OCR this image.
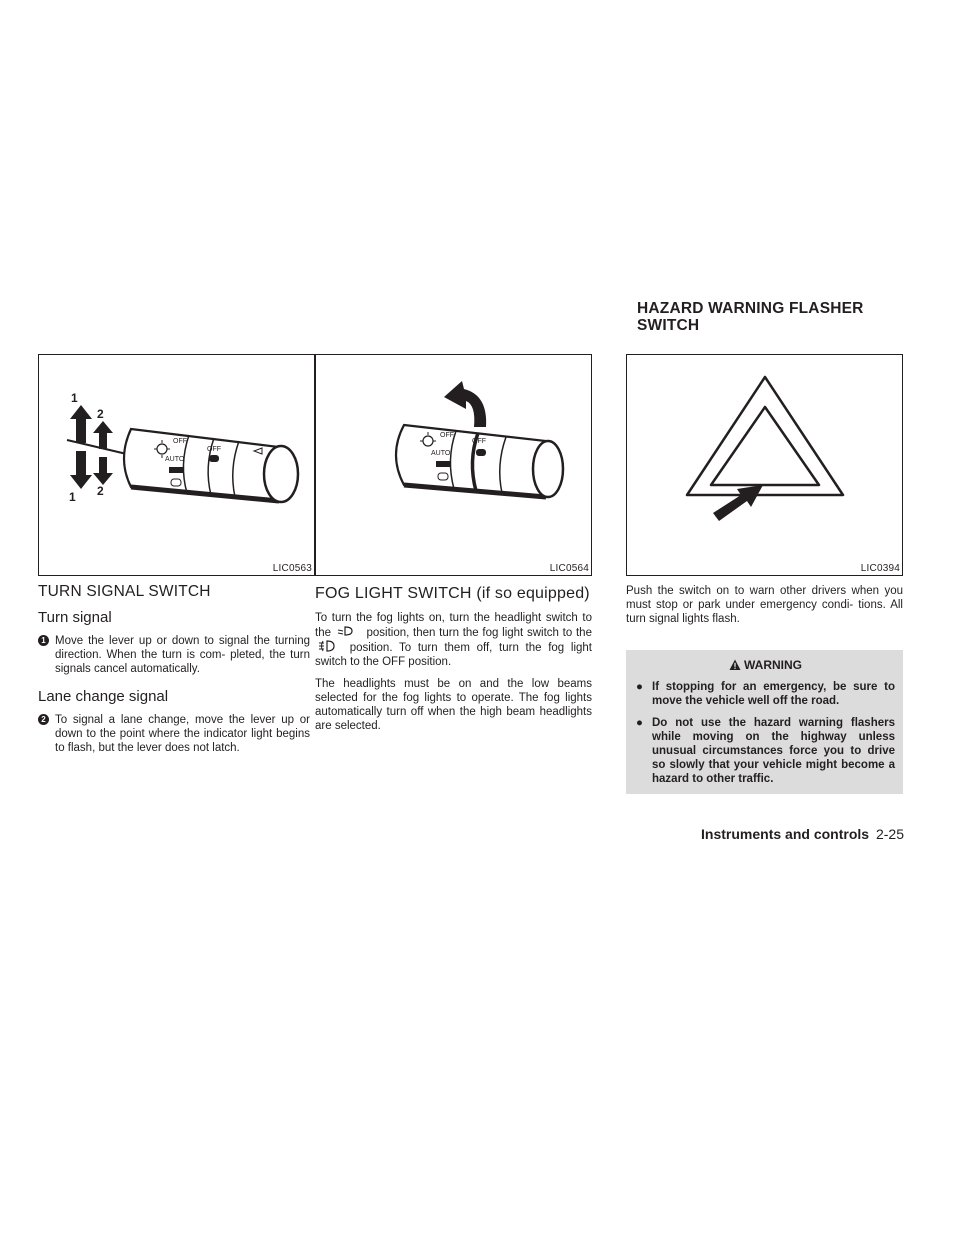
HAZARD WARNING FLASHER
SWITCH
OFF
AUTO
OFF
1
2
1 2
LIC0563
OFF
AUTO
OFF
LIC0564	LIC0394
TURN SIGNAL SWITCH
Turn signal
1 Move the lever up or down to signal the turning direction. When the turn is com- pleted, the turn signals cancel automatically.
Lane change signal
2 To signal a lane change, move the lever up or down to the point where the indicator light begins to flash, but the lever does not latch.
FOG LIGHT SWITCH (if so equipped)
To turn the fog lights on, turn the headlight switch to the	position, then turn the fog light switch to the  position. To turn them off, turn the fog light switch to the OFF position.
The headlights must be on and the low beams selected for the fog lights to operate. The fog lights automatically turn off when the high beam headlights are selected.
Push the switch on to warn other drivers when you must stop or park under emergency condi- tions. All turn signal lights flash.
WARNING
● If stopping for an emergency, be sure to move the vehicle well off the road.
● Do not use the hazard warning flashers while moving on the highway unless unusual circumstances force you to drive so slowly that your vehicle might become a hazard to other traffic.
Instruments and controls 2-25
